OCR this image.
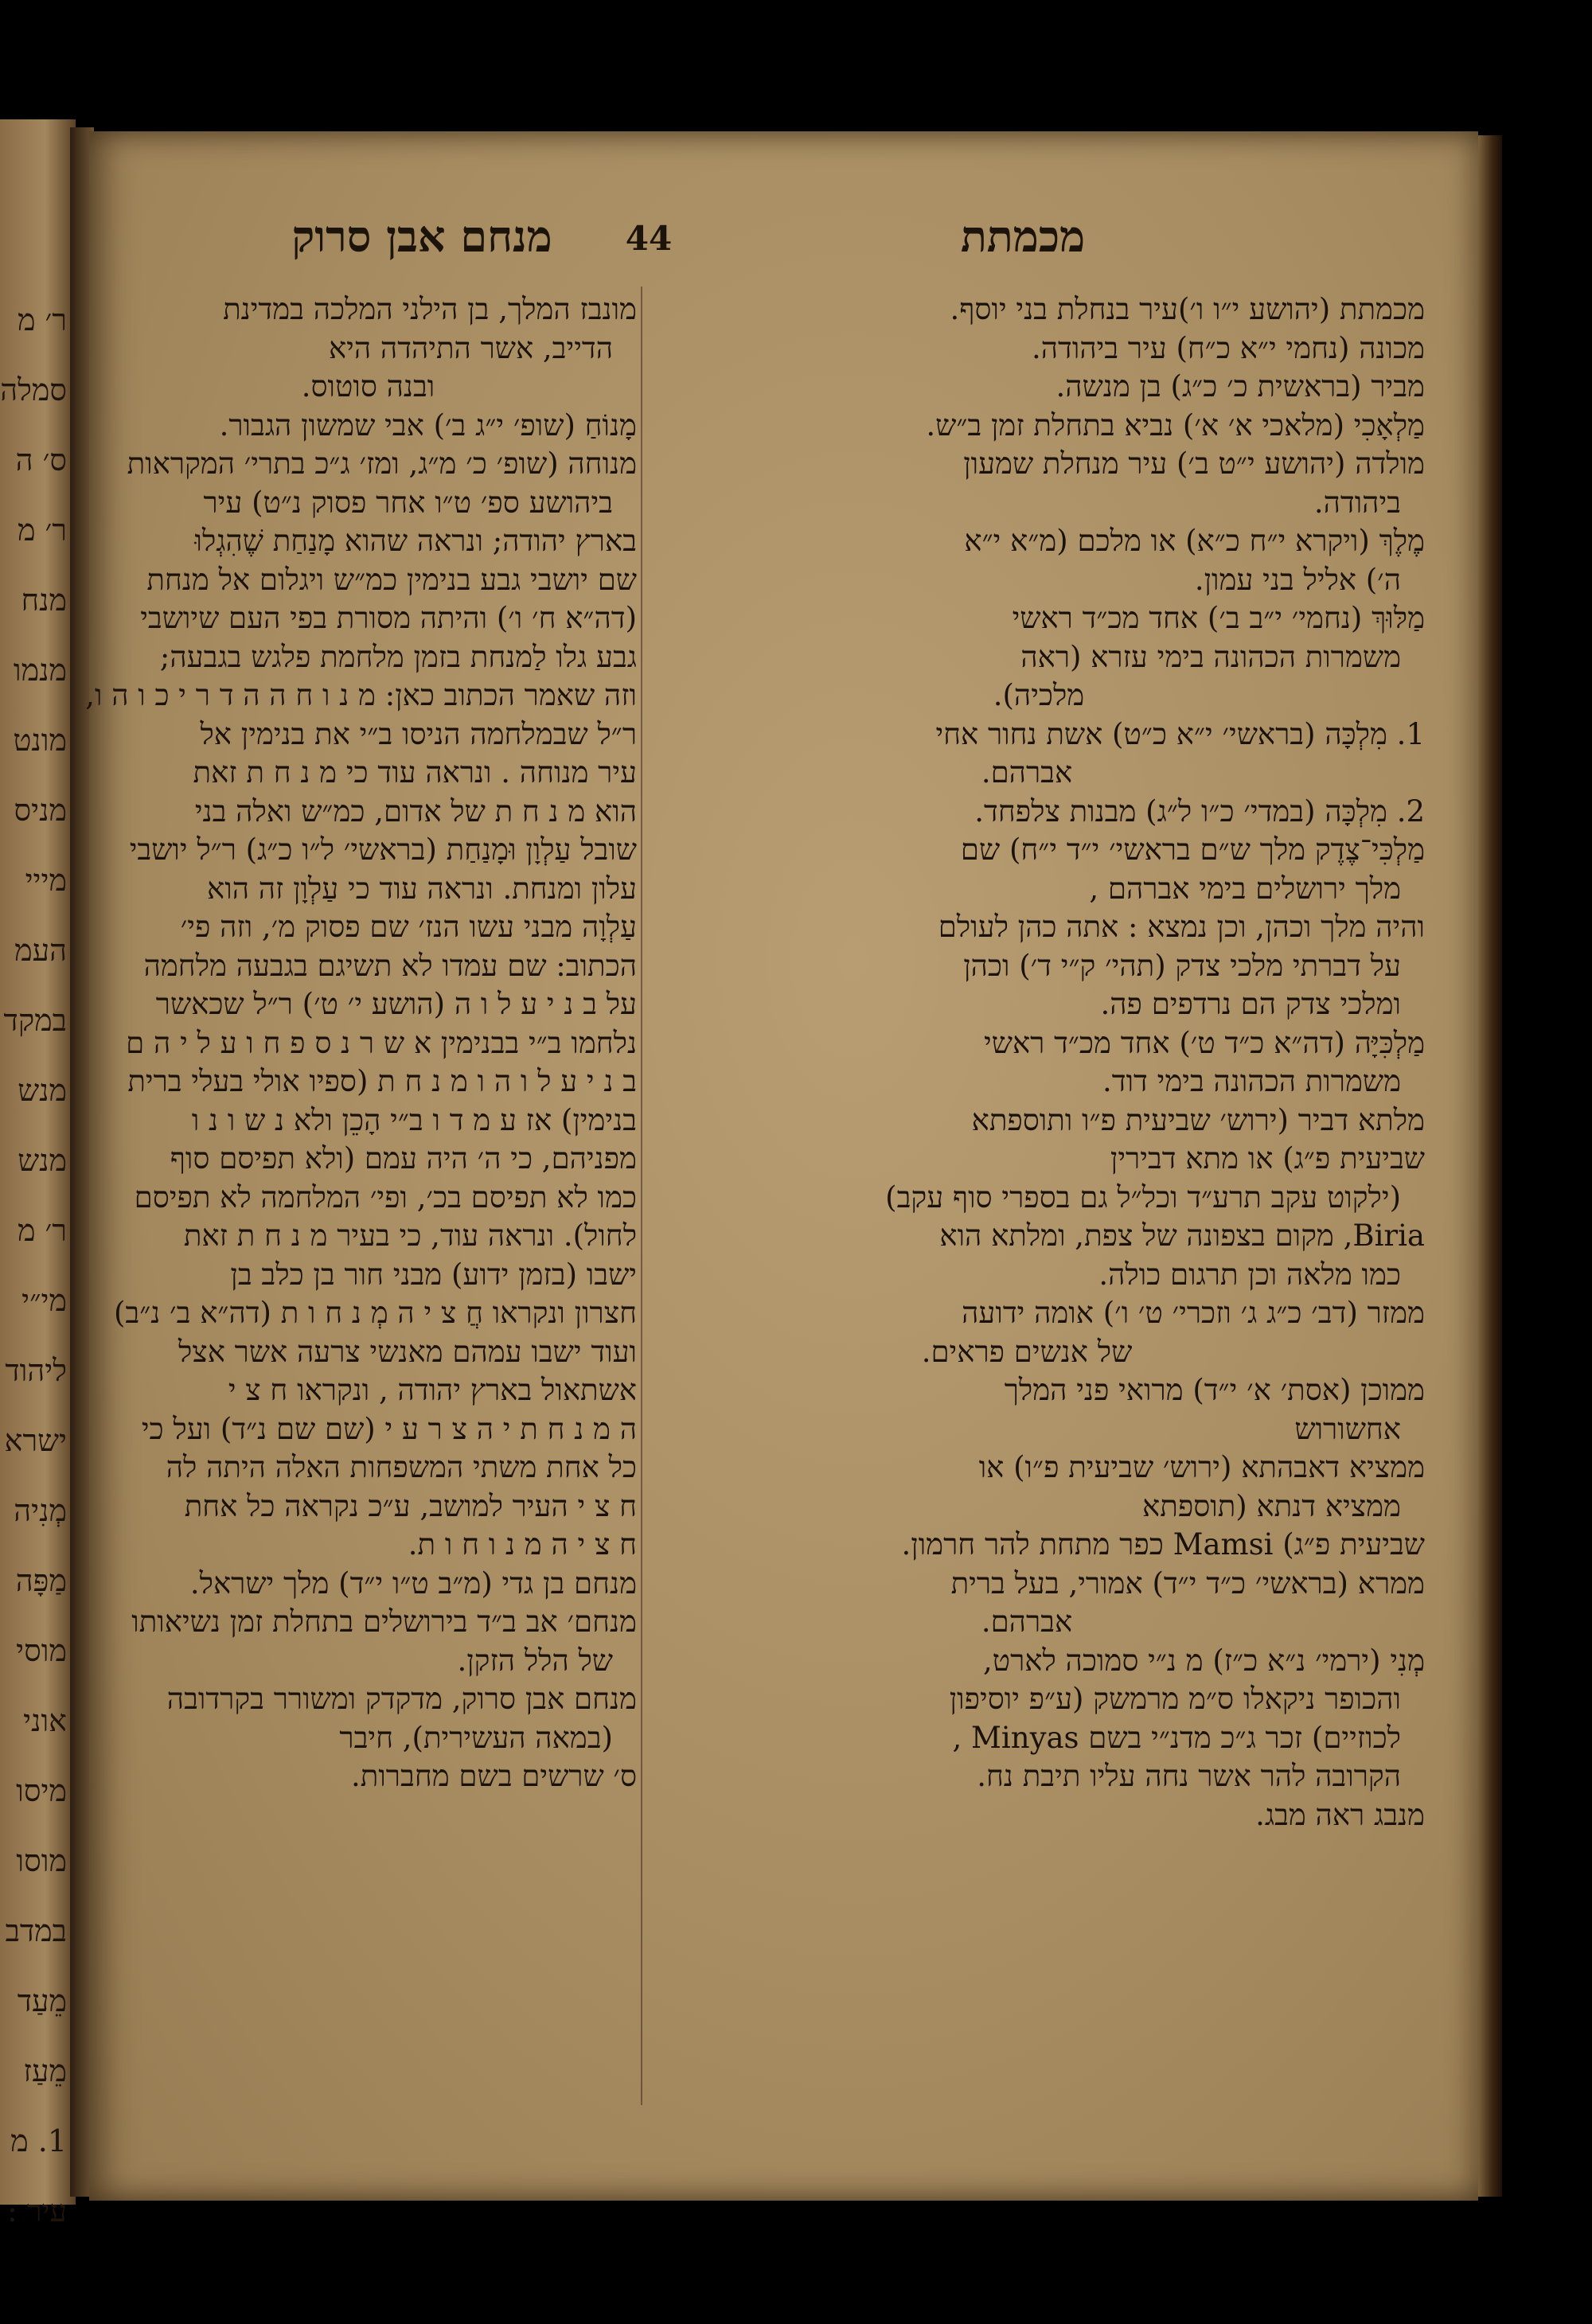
ר׳ מ
סמלה
ס׳ ה
ר׳ מ
מנח
מנמו
מונט
מניס
מייי
העמ
במקד
מנש
מנש
ר׳ מ
מי״י
ליהוד
ישרא
מְנִיה
מַפָּה
מוסי
אוני
מיסו
מוסו
במדב
מֵעַד
מֵעַז
1. מ
עיר :
מכמתת
44
מנחם אבן סרוק
מכמתת (יהושע י״ו ו׳)עיר בנחלת בני יוסף.
מכונה (נחמי י״א כ״ח) עיר ביהודה.
מביר (בראשית כ׳ כ״ג) בן מנשה.
מַלְאָכִי (מלאכי א׳ א׳) נביא בתחלת זמן ב״ש.
מולדה (יהושע י״ט ב׳) עיר מנחלת שמעון
ביהודה.
מֶלֶךְ (ויקרא י״ח כ״א) או מלכם (מ״א י״א
ה׳) אליל בני עמון.
מַלּוּךְ (נחמי׳ י״ב ב׳) אחד מכ״ד ראשי
משמרות הכהונה בימי עזרא (ראה
מלכיה).
1. מִלְכָּה (בראשי׳ י״א כ״ט) אשת נחור אחי
אברהם.
2. מִלְכָּה (במדי׳ כ״ו ל״ג) מבנות צלפחד.
מַלְכִּי־צֶדֶק מלך ש״ם בראשי׳ י״ד י״ח) שם
מלך ירושלים בימי אברהם ,
והיה מלך וכהן, וכן נמצא : אתה כהן לעולם
על דברתי מלכי צדק (תהי׳ ק״י ד׳) וכהן
ומלכי צדק הם נרדפים פה.
מַלְכִּיָּה (דה״א כ״ד ט׳) אחד מכ״ד ראשי
משמרות הכהונה בימי דוד.
מלתא דביר (ירוש׳ שביעית פ״ו ותוספתא
שביעית פ״ג) או מתא דבירין
(ילקוט עקב תרע״ד וכל״ל גם בספרי סוף עקב)
Biria, מקום בצפונה של צפת, ומלתא הוא
כמו מלאה וכן תרגום כולה.
ממזר (דב׳ כ״ג ג׳ וזכרי׳ ט׳ ו׳) אומה ידועה
של אנשים פראים.
ממוכן (אסת׳ א׳ י״ד) מרואי פני המלך
אחשורוש
ממציא דאבהתא (ירוש׳ שביעית פ״ו) או
ממציא דנתא (תוספתא
שביעית פ״ג) Mamsi כפר מתחת להר חרמון.
ממרא (בראשי׳ כ״ד י״ד) אמורי, בעל ברית
אברהם.
מְנִי (ירמי׳ נ״א כ״ז) מ נ״י סמוכה לארט,
והכופר ניקאלו ס״מ מרמשק (ע״פ יוסיפון
לכוזיים) זכר ג״כ מדנ״י בשם Minyas ,
הקרובה להר אשר נחה עליו תיבת נח.
מנבג ראה מבג.
מונבז המלך, בן הילני המלכה במדינת
הדייב, אשר התיהדה היא
ובנה סוטוס.
מָנוֹחַ (שופ׳ י״ג ב׳) אבי שמשון הגבור.
מנוחה (שופ׳ כ׳ מ״ג, ומז׳ ג״כ בתרי׳ המקראות
ביהושע ספ׳ ט״ו אחר פסוק נ״ט) עיר
בארץ יהודה; ונראה שהוא מָנַחַת שֶׁהִגְלוּ
שם יושבי גבע בנימין כמ״ש ויגלום אל מנחת
(דה״א ח׳ ו׳) והיתה מסורת בפי העם שיושבי
גבע גלו לַמנחת בזמן מלחמת פלגש בגבעה;
וזה שאמר הכתוב כאן: מ נ ו ח ה ה ד ר י כ ו ה ו,
ר״ל שבמלחמה הניסו ב״י את בנימין אל
עיר מנוחה . ונראה עוד כי מ נ ח ת זאת
הוא מ נ ח ת של אדום, כמ״ש ואלה בני
שובל עַלְוָן וּמָנַחַת (בראשי׳ ל״ו כ״ג) ר״ל יושבי
עלון ומנחת. ונראה עוד כי עַלְוָן זה הוא
עַלְוָה מבני עשו הנז׳ שם פסוק מ׳, וזה פי׳
הכתוב: שם עמדו לא תשיגם בגבעה מלחמה
על ב נ י ע ל ו ה (הושע י׳ ט׳) ר״ל שכאשר
נלחמו ב״י בבנימין א ש ר נ ס פ ח ו ע ל י ה ם
ב נ י ע ל ו ה ו מ נ ח ת (ספיו אולי בעלי ברית
בנימין) אז ע מ ד ו ב״י הָכֵן ולא נ ש ו נ ו
מפניהם, כי ה׳ היה עמם (ולא תפיסם סוף
כמו לא תפיסם בכ׳, ופי׳ המלחמה לא תפיסם
לחול). ונראה עוד, כי בעיר מ נ ח ת זאת
ישבו (בזמן ידוע) מבני חור בן כלב בן
חצרון ונקראו חֲ צ י ה מְ נ ח ו ת (דה״א ב׳ נ״ב)
ועוד ישבו עמהם מאנשי צרעה אשר אצל
אשתאול בארץ יהודה , ונקראו ח צ י
ה מ נ ח ת י ה צ ר ע י (שם שם נ״ד) ועל כי
כל אחת משתי המשפחות האלה היתה לה
ח צ י העיר למושב, ע״כ נקראה כל אחת
ח צ י ה מ נ ו ח ו ת.
מנחם בן גדי (מ״ב ט״ו י״ד) מלך ישראל.
מנחם׳ אב ב״ד בירושלים בתחלת זמן נשיאותו
של הלל הזקן.
מנחם אבן סרוק, מדקדק ומשורר בקרדובה
(במאה העשירית), חיבר
ס׳ שרשים בשם מחברות.
